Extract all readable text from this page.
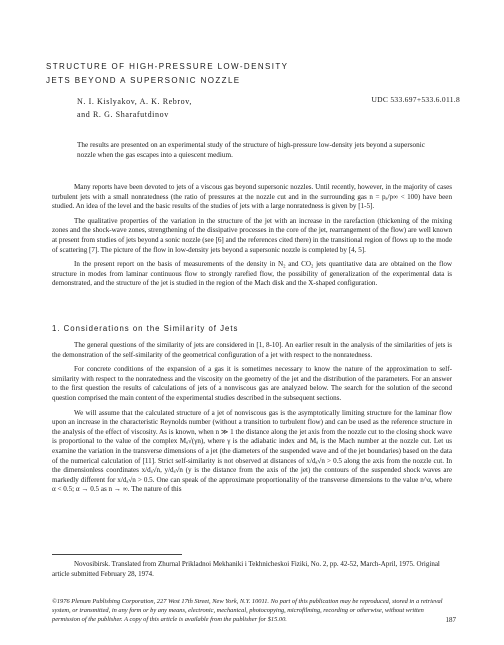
STRUCTURE OF HIGH-PRESSURE LOW-DENSITY
JETS BEYOND A SUPERSONIC NOZZLE
N. I. Kislyakov, A. K. Rebrov,
and R. G. Sharafutdinov
UDC 533.697+533.6.011.8
The results are presented on an experimental study of the structure of high-pressure low-density jets beyond a supersonic nozzle when the gas escapes into a quiescent medium.

Many reports have been devoted to jets of a viscous gas beyond supersonic nozzles. Until recently, however, in the majority of cases turbulent jets with a small nonratedness (the ratio of pressures at the nozzle cut and in the surrounding gas n = pₐ/p∞ < 100) have been studied. An idea of the level and the basic results of the studies of jets with a large nonratedness is given by [1-5].

The qualitative properties of the variation in the structure of the jet with an increase in the rarefaction (thickening of the mixing zones and the shock-wave zones, strengthening of the dissipative processes in the core of the jet, rearrangement of the flow) are well known at present from studies of jets beyond a sonic nozzle (see [6] and the references cited there) in the transitional region of flows up to the mode of scattering [7]. The picture of the flow in low-density jets beyond a supersonic nozzle is completed by [4, 5].

In the present report on the basis of measurements of the density in N₂ and CO₂ jets quantitative data are obtained on the flow structure in modes from laminar continuous flow to strongly rarefied flow, the possibility of generalization of the experimental data is demonstrated, and the structure of the jet is studied in the region of the Mach disk and the X-shaped configuration.

1. Considerations on the Similarity of Jets

The general questions of the similarity of jets are considered in [1, 8-10]. An earlier result in the analysis of the similarities of jets is the demonstration of the self-similarity of the geometrical configuration of a jet with respect to the nonratedness.

For concrete conditions of the expansion of a gas it is sometimes necessary to know the nature of the approximation to self-similarity with respect to the nonratedness and the viscosity on the geometry of the jet and the distribution of the parameters. For an answer to the first question the results of calculations of jets of a nonviscous gas are analyzed below. The search for the solution of the second question comprised the main content of the experimental studies described in the subsequent sections.

We will assume that the calculated structure of a jet of nonviscous gas is the asymptotically limiting structure for the laminar flow upon an increase in the characteristic Reynolds number (without a transition to turbulent flow) and can be used as the reference structure in the analysis of the effect of viscosity. As is known, when n ≫ 1 the distance along the jet axis from the nozzle cut to the closing shock wave is proportional to the value of the complex Mₐ√(γn), where γ is the adiabatic index and Mₐ is the Mach number at the nozzle cut. Let us examine the variation in the transverse dimensions of a jet (the diameters of the suspended wave and of the jet boundaries) based on the data of the numerical calculation of [11]. Strict self-similarity is not observed at distances of x/dₐ√n > 0.5 along the axis from the nozzle cut. In the dimensionless coordinates x/dₐ√n, y/dₐ√n (y is the distance from the axis of the jet) the contours of the suspended shock waves are markedly different for x/dₐ√n > 0.5. One can speak of the approximate proportionality of the transverse dimensions to the value n^α, where α < 0.5; α → 0.5 as n → ∞. The nature of this

Novosibirsk. Translated from Zhurnal Prikladnoi Mekhaniki i Tekhnicheskoi Fiziki, No. 2, pp. 42-52, March-April, 1975. Original article submitted February 28, 1974.

©1976 Plenum Publishing Corporation, 227 West 17th Street, New York, N.Y. 10011. No part of this publication may be reproduced, stored in a retrieval system, or transmitted, in any form or by any means, electronic, mechanical, photocopying, microfilming, recording or otherwise, without written permission of the publisher. A copy of this article is available from the publisher for $15.00.	187
